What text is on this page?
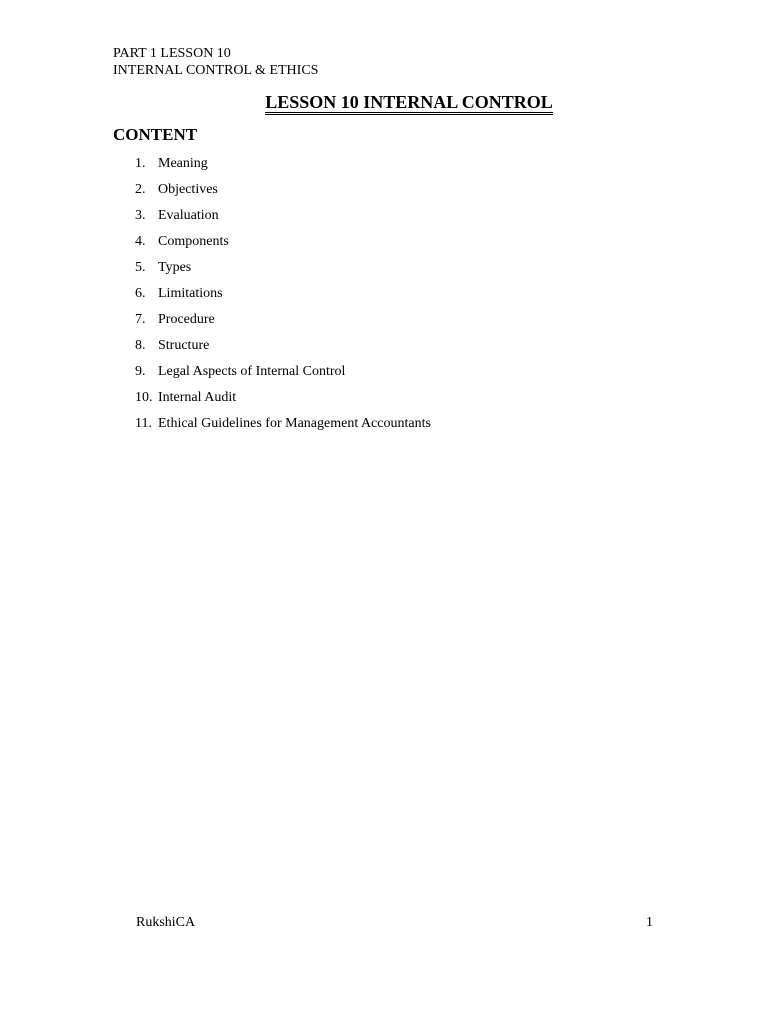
PART 1 LESSON 10
INTERNAL CONTROL & ETHICS
LESSON 10 INTERNAL CONTROL
CONTENT
1. Meaning
2. Objectives
3. Evaluation
4. Components
5. Types
6. Limitations
7. Procedure
8. Structure
9. Legal Aspects of Internal Control
10. Internal Audit
11. Ethical Guidelines for Management Accountants
RukshiCA	1
